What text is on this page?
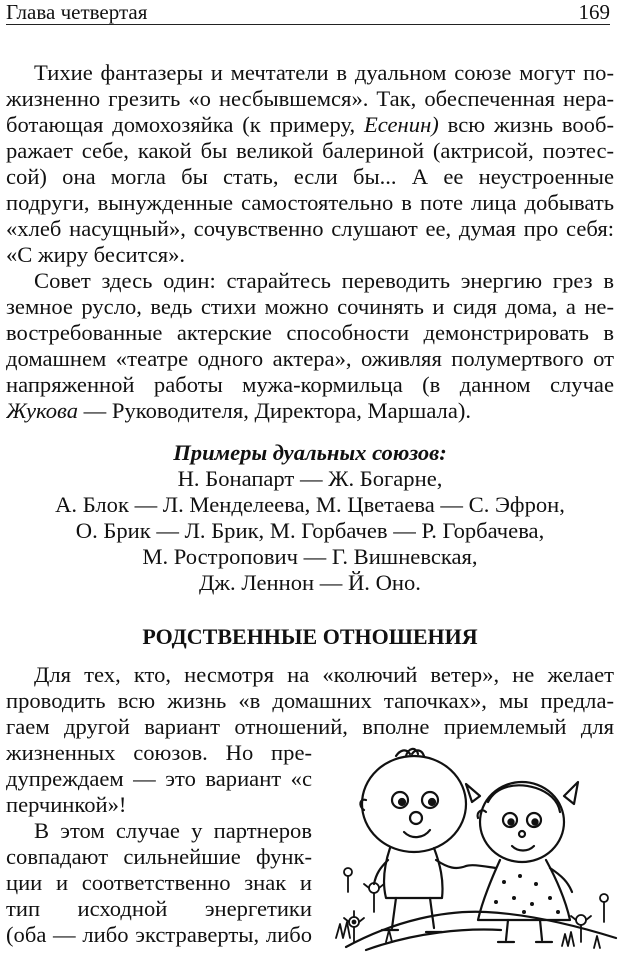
Глава четвертая	169
Тихие фантазеры и мечтатели в дуальном союзе могут по-
жизненно грезить «о несбывшемся». Так, обеспеченная нера-
ботающая домохозяйка (к примеру, Есенин) всю жизнь вооб-
ражает себе, какой бы великой балериной (актрисой, поэтес-
сой) она могла бы стать, если бы... А ее неустроенные
подруги, вынужденные самостоятельно в поте лица добывать
«хлеб насущный», сочувственно слушают ее, думая про себя:
«С жиру бесится».
Совет здесь один: старайтесь переводить энергию грез в
земное русло, ведь стихи можно сочинять и сидя дома, а не-
востребованные актерские способности демонстрировать в
домашнем «театре одного актера», оживляя полумертвого от
напряженной работы мужа-кормильца (в данном случае
Жукова — Руководителя, Директора, Маршала).
Примеры дуальных союзов:
Н. Бонапарт — Ж. Богарне,
А. Блок — Л. Менделеева, М. Цветаева — С. Эфрон,
О. Брик — Л. Брик, М. Горбачев — Р. Горбачева,
М. Ростропович — Г. Вишневская,
Дж. Леннон — Й. Оно.
РОДСТВЕННЫЕ ОТНОШЕНИЯ
Для тех, кто, несмотря на «колючий ветер», не желает
проводить всю жизнь «в домашних тапочках», мы предла-
гаем другой вариант отношений, вполне приемлемый для
жизненных союзов. Но пре-
дупреждаем — это вариант «с
перчинкой»!
В этом случае у партнеров
совпадают сильнейшие функ-
ции и соответственно знак и
тип исходной энергетики
(оба — либо экстраверты, либо
